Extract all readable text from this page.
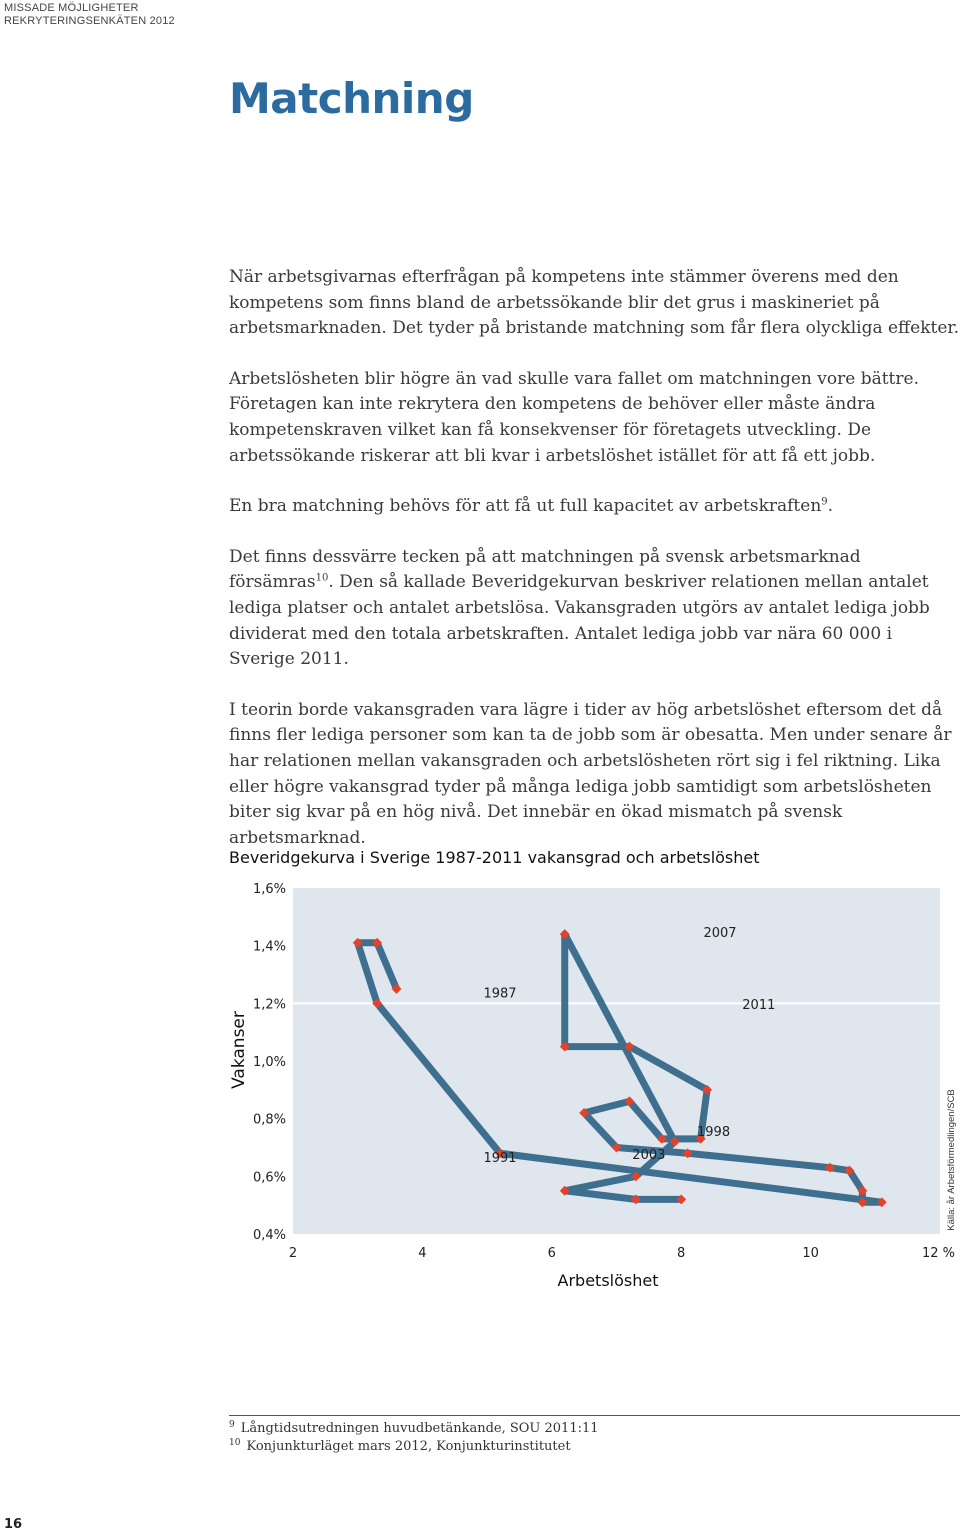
MISSADE MÖJLIGHETER
REKRYTERINGSENKÄTEN 2012
Matchning

När arbetsgivarnas efterfrågan på kompetens inte stämmer överens med den kompetens som finns bland de arbetssökande blir det grus i maskineriet på arbetsmarknaden. Det tyder på bristande matchning som får flera olyckliga effekter.

Arbetslösheten blir högre än vad skulle vara fallet om matchningen vore bättre. Företagen kan inte rekrytera den kompetens de behöver eller måste ändra kompetenskraven vilket kan få konsekvenser för företagets utveckling. De arbetssökande riskerar att bli kvar i arbetslöshet istället för att få ett jobb.

En bra matchning behövs för att få ut full kapacitet av arbetskraften$^9$.

Det finns dessvärre tecken på att matchningen på svensk arbetsmarknad försämras$^{10}$. Den så kallade Beveridgekurvan beskriver relationen mellan antalet lediga platser och antalet arbetslösa. Vakansgraden utgörs av antalet lediga jobb dividerat med den totala arbetskraften. Antalet lediga jobb var nära 60 000 i Sverige 2011.

I teorin borde vakansgraden vara lägre i tider av hög arbetslöshet eftersom det då finns fler lediga personer som kan ta de jobb som är obesatta. Men under senare år har relationen mellan vakansgraden och arbetslösheten rört sig i fel riktning. Lika eller högre vakansgrad tyder på många lediga jobb samtidigt som arbetslösheten biter sig kvar på en hög nivå. Det innebär en ökad mismatch på svensk arbetsmarknad.

Beveridgekurva i Sverige 1987-2011 vakansgrad och arbetslöshet
0,4%
0,6%
0,8%
1,0%
1,2%
1,4%
1,6%
2	4	6	8	10	12 %
Arbetslöshet
Vakanser
Källa: år Arbetsförmedlingen/SCB
1987
1991
1998
2003
2007
2011
$^9$ Långtidsutredningen huvudbetänkande, SOU 2011:11
$^{10}$ Konjunkturläget mars 2012, Konjunkturinstitutet
16
